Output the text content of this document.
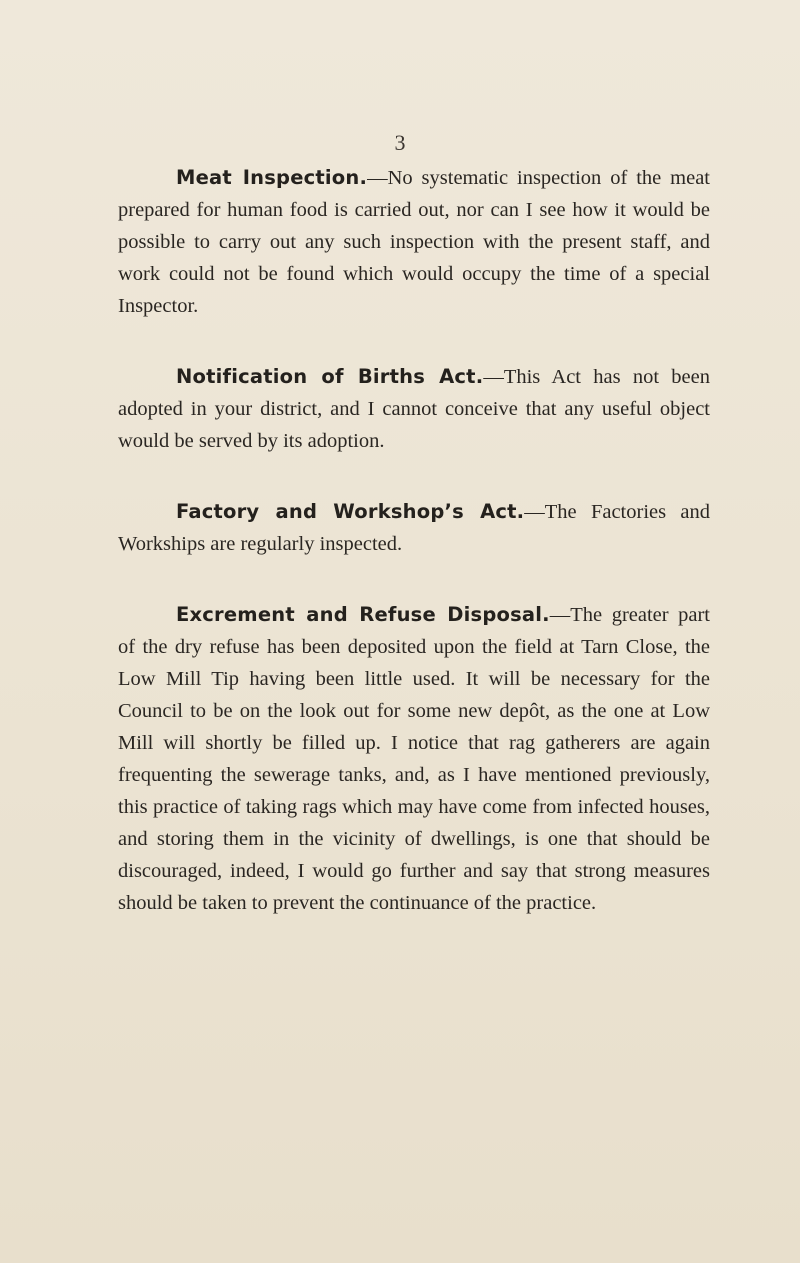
3

Meat Inspection.—No systematic inspection of the meat prepared for human food is carried out, nor can I see how it would be possible to carry out any such inspection with the present staff, and work could not be found which would occupy the time of a special Inspector.

Notification of Births Act.—This Act has not been adopted in your district, and I cannot conceive that any useful object would be served by its adoption.

Factory and Workshop’s Act.—The Factories and Workships are regularly inspected.

Excrement and Refuse Disposal.—The greater part of the dry refuse has been deposited upon the field at Tarn Close, the Low Mill Tip having been little used. It will be necessary for the Council to be on the look out for some new depôt, as the one at Low Mill will shortly be filled up. I notice that rag gatherers are again frequenting the sewerage tanks, and, as I have mentioned previously, this practice of taking rags which may have come from infected houses, and storing them in the vicinity of dwellings, is one that should be discouraged, indeed, I would go further and say that strong measures should be taken to prevent the continuance of the practice.
